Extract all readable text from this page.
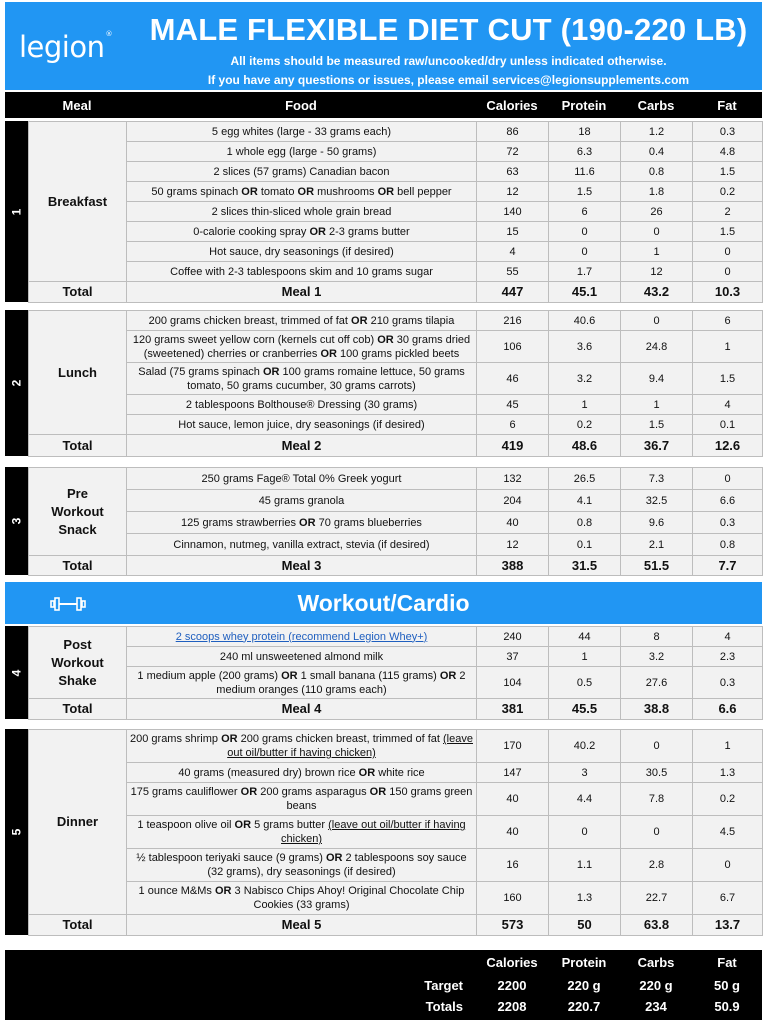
legion®	MALE FLEXIBLE DIET CUT (190-220 LB)
All items should be measured raw/uncooked/dry unless indicated otherwise.
If you have any questions or issues, please email services@legionsupplements.com
Meal	Food	Calories	Protein	Carbs	Fat
1
Breakfast	5 egg whites (large - 33 grams each)	86	18	1.2	0.3
	1 whole egg (large - 50 grams)	72	6.3	0.4	4.8
	2 slices (57 grams) Canadian bacon	63	11.6	0.8	1.5
	50 grams spinach OR tomato OR mushrooms OR bell pepper	12	1.5	1.8	0.2
	2 slices thin-sliced whole grain bread	140	6	26	2
	0-calorie cooking spray OR 2-3 grams butter	15	0	0	1.5
	Hot sauce, dry seasonings (if desired)	4	0	1	0
	Coffee with 2-3 tablespoons skim and 10 grams sugar	55	1.7	12	0
Total	Meal 1	447	45.1	43.2	10.3
2
Lunch	200 grams chicken breast, trimmed of fat OR 210 grams tilapia	216	40.6	0	6
	120 grams sweet yellow corn (kernels cut off cob) OR 30 grams dried (sweetened) cherries or cranberries OR 100 grams pickled beets	106	3.6	24.8	1
	Salad (75 grams spinach OR 100 grams romaine lettuce, 50 grams tomato, 50 grams cucumber, 30 grams carrots)	46	3.2	9.4	1.5
	2 tablespoons Bolthouse® Dressing (30 grams)	45	1	1	4
	Hot sauce, lemon juice, dry seasonings (if desired)	6	0.2	1.5	0.1
Total	Meal 2	419	48.6	36.7	12.6
3
Pre
Workout
Snack	250 grams Fage® Total 0% Greek yogurt	132	26.5	7.3	0
	45 grams granola	204	4.1	32.5	6.6
	125 grams strawberries OR 70 grams blueberries	40	0.8	9.6	0.3
	Cinnamon, nutmeg, vanilla extract, stevia (if desired)	12	0.1	2.1	0.8
Total	Meal 3	388	31.5	51.5	7.7
4
Post
Workout
Shake	2 scoops whey protein (recommend Legion Whey+)	240	44	8	4
	240 ml unsweetened almond milk	37	1	3.2	2.3
	1 medium apple (200 grams) OR 1 small banana (115 grams) OR 2 medium oranges (110 grams each)	104	0.5	27.6	0.3
Total	Meal 4	381	45.5	38.8	6.6
5
Dinner	200 grams shrimp OR 200 grams chicken breast, trimmed of fat (leave out oil/butter if having chicken)	170	40.2	0	1
	40 grams (measured dry) brown rice OR white rice	147	3	30.5	1.3
	175 grams cauliflower OR 200 grams asparagus OR 150 grams green beans	40	4.4	7.8	0.2
	1 teaspoon olive oil OR 5 grams butter (leave out oil/butter if having chicken)	40	0	0	4.5
	½ tablespoon teriyaki sauce (9 grams) OR 2 tablespoons soy sauce (32 grams), dry seasonings (if desired)	16	1.1	2.8	0
	1 ounce M&Ms OR 3 Nabisco Chips Ahoy! Original Chocolate Chip Cookies (33 grams)	160	1.3	22.7	6.7
Total	Meal 5	573	50	63.8	13.7
Workout/Cardio
Calories	Protein	Carbs	Fat
Target	2200	220 g	220 g	50 g
Totals	2208	220.7	234	50.9
